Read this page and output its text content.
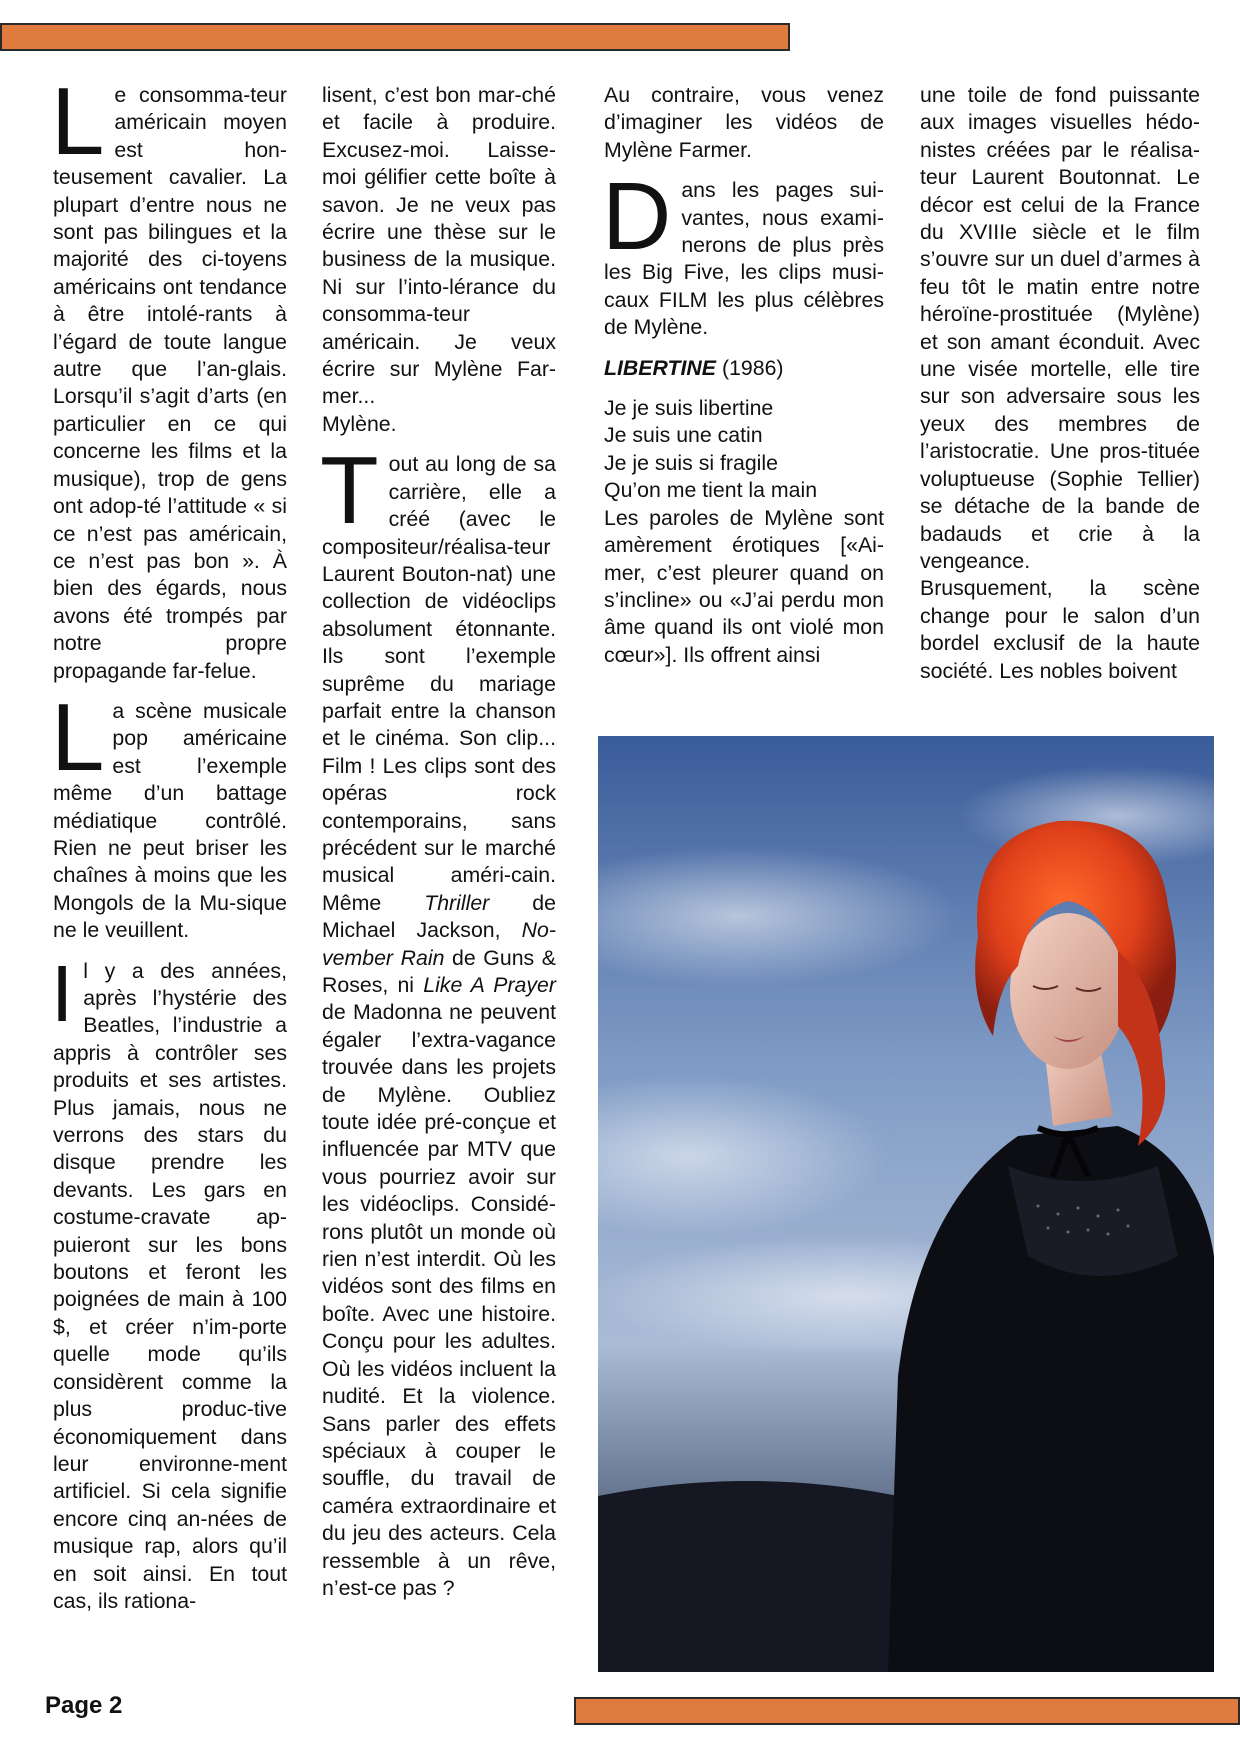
Le consomma-teur américain moyen est hon-teusement cavalier. La plupart d’entre nous ne sont pas bilingues et la majorité des ci-toyens américains ont tendance à être intolé-rants à l’égard de toute langue autre que l’an-glais. Lorsqu’il s’agit d’arts (en particulier en ce qui concerne les films et la musique), trop de gens ont adop-té l’attitude « si ce n’est pas américain, ce n’est pas bon ». À bien des égards, nous avons été trompés par notre propre propagande far-felue.

La scène musicale pop américaine est l’exemple même d’un battage médiatique contrôlé. Rien ne peut briser les chaînes à moins que les Mongols de la Mu-sique ne le veuillent.

Il y a des années, après l’hystérie des Beatles, l’industrie a appris à contrôler ses produits et ses artistes. Plus jamais, nous ne verrons des stars du disque prendre les devants. Les gars en costume-cravate ap-puieront sur les bons boutons et feront les poignées de main à 100 $, et créer n’im-porte quelle mode qu’ils considèrent comme la plus produc-tive économiquement dans leur environne-ment artificiel. Si cela signifie encore cinq an-nées de musique rap, alors qu’il en soit ainsi. En tout cas, ils rationa-

lisent, c’est bon mar-ché et facile à produire. Excusez-moi. Laisse-moi gélifier cette boîte à savon. Je ne veux pas écrire une thèse sur le business de la musique. Ni sur l’into-lérance du consomma-teur américain. Je veux écrire sur Mylène Far-mer...

Mylène.

Tout au long de sa carrière, elle a créé (avec le compositeur/réalisa-teur Laurent Bouton-nat) une collection de vidéoclips absolument étonnante. Ils sont l’exemple suprême du mariage parfait entre la chanson et le cinéma. Son clip... Film ! Les clips sont des opéras rock contemporains, sans précédent sur le marché musical améri-cain. Même Thriller de Michael Jackson, No-vember Rain de Guns & Roses, ni Like A Prayer de Madonna ne peuvent égaler l’extra-vagance trouvée dans les projets de Mylène. Oubliez toute idée pré-conçue et influencée par MTV que vous pourriez avoir sur les vidéoclips. Considé-rons plutôt un monde où rien n’est interdit. Où les vidéos sont des films en boîte. Avec une histoire. Conçu pour les adultes. Où les vidéos incluent la nudité. Et la violence. Sans parler des effets spéciaux à couper le souffle, du travail de caméra extraordinaire et du jeu des acteurs. Cela ressemble à un rêve, n’est-ce pas ?

Au contraire, vous venez d’imaginer les vidéos de Mylène Farmer.

Dans les pages sui-vantes, nous exami-nerons de plus près les Big Five, les clips musi-caux FILM les plus célèbres de Mylène.

LIBERTINE (1986)

Je je suis libertine
Je suis une catin
Je je suis si fragile
Qu’on me tient la main

Les paroles de Mylène sont amèrement érotiques [«Ai-mer, c’est pleurer quand on s’incline» ou «J’ai perdu mon âme quand ils ont violé mon cœur»]. Ils offrent ainsi

une toile de fond puissante aux images visuelles hédo-nistes créées par le réalisa-teur Laurent Boutonnat. Le décor est celui de la France du XVIIIe siècle et le film s’ouvre sur un duel d’armes à feu tôt le matin entre notre héroïne-prostituée (Mylène) et son amant éconduit. Avec une visée mortelle, elle tire sur son adversaire sous les yeux des membres de l’aristocratie. Une pros-tituée voluptueuse (Sophie Tellier) se détache de la bande de badauds et crie à la vengeance.

Brusquement, la scène change pour le salon d’un bordel exclusif de la haute société. Les nobles boivent

Page 2
